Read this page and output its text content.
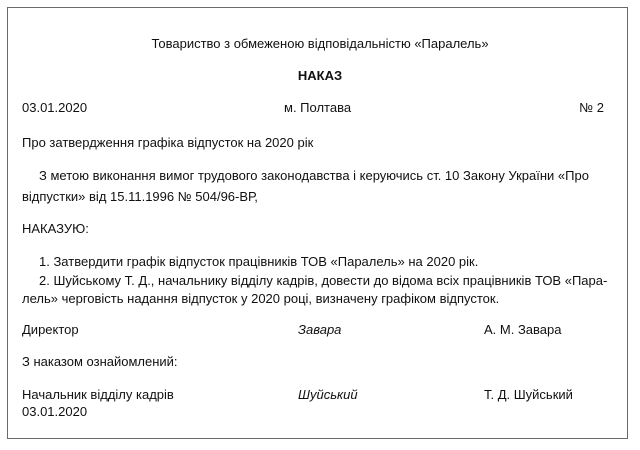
Товариство з обмеженою відповідальністю «Паралель»
НАКАЗ
03.01.2020	м. Полтава	№ 2
Про затвердження графіка відпусток на 2020 рік
З метою виконання вимог трудового законодавства і керуючись ст. 10 Закону України «Про
відпустки» від 15.11.1996 № 504/96-ВР,
НАКАЗУЮ:
1. Затвердити графік відпусток працівників ТОВ «Паралель» на 2020 рік.
2. Шуйському Т. Д., начальнику відділу кадрів, довести до відома всіх працівників ТОВ «Пара-
лель» черговість надання відпусток у 2020 році, визначену графіком відпусток.
Директор	Завара	А. М. Завара
З наказом ознайомлений:
Начальник відділу кадрів	Шуйський	Т. Д. Шуйський
03.01.2020
